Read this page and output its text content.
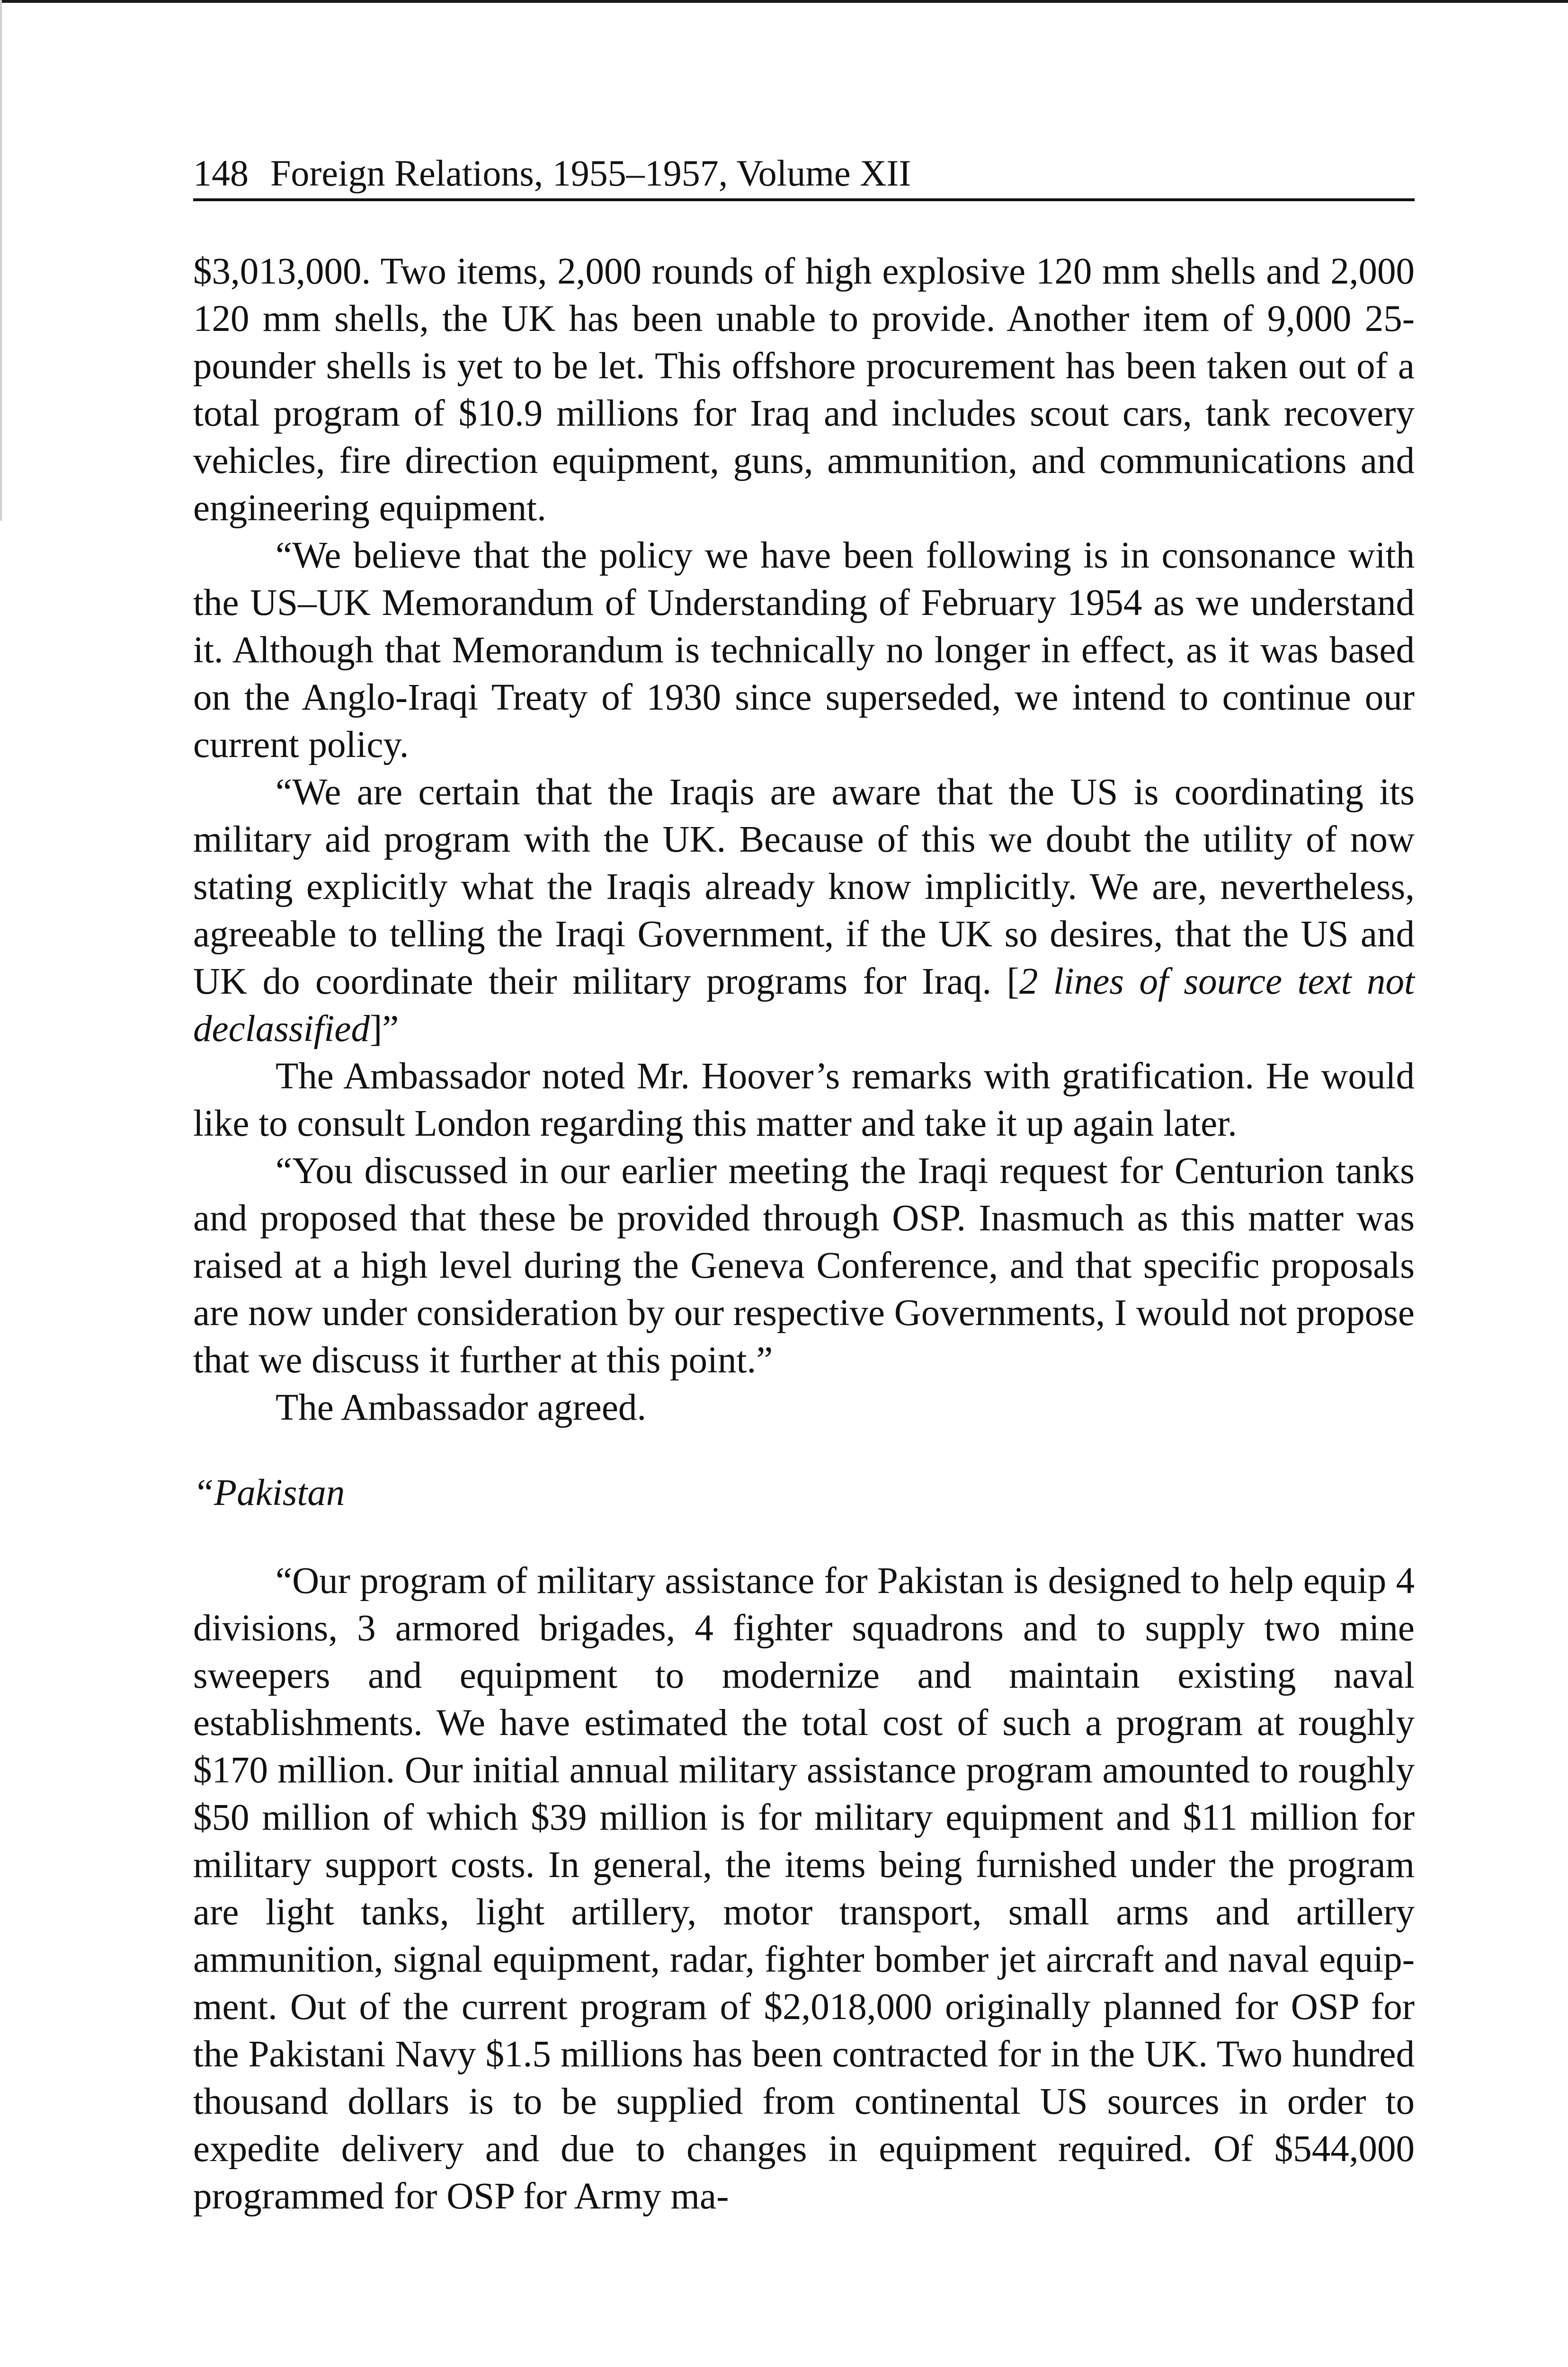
148 Foreign Relations, 1955–1957, Volume XII

$3,013,000. Two items, 2,000 rounds of high explosive 120 mm shells and 2,000 120 mm shells, the UK has been unable to provide. Another item of 9,000 25-pounder shells is yet to be let. This offshore procurement has been taken out of a total program of $10.9 millions for Iraq and includes scout cars, tank recovery vehicles, fire direction equipment, guns, ammunition, and communications and engineering equipment.

“We believe that the policy we have been following is in consonance with the US–UK Memorandum of Understanding of February 1954 as we understand it. Although that Memorandum is technically no longer in effect, as it was based on the Anglo-Iraqi Treaty of 1930 since superseded, we intend to continue our current policy.

“We are certain that the Iraqis are aware that the US is coordinating its military aid program with the UK. Because of this we doubt the utility of now stating explicitly what the Iraqis already know implicitly. We are, nevertheless, agreeable to telling the Iraqi Government, if the UK so desires, that the US and UK do coordinate their military programs for Iraq. [2 lines of source text not declassified]”

The Ambassador noted Mr. Hoover’s remarks with gratification. He would like to consult London regarding this matter and take it up again later.

“You discussed in our earlier meeting the Iraqi request for Centurion tanks and proposed that these be provided through OSP. Inasmuch as this matter was raised at a high level during the Geneva Conference, and that specific proposals are now under consideration by our respective Governments, I would not propose that we discuss it further at this point.”

The Ambassador agreed.

“Pakistan

“Our program of military assistance for Pakistan is designed to help equip 4 divisions, 3 armored brigades, 4 fighter squadrons and to supply two mine sweepers and equipment to modernize and maintain existing naval establishments. We have estimated the total cost of such a program at roughly $170 million. Our initial annual military assistance program amounted to roughly $50 million of which $39 million is for military equipment and $11 million for military support costs. In general, the items being furnished under the program are light tanks, light artillery, motor transport, small arms and artillery ammunition, signal equipment, radar, fighter bomber jet aircraft and naval equipment. Out of the current program of $2,018,000 originally planned for OSP for the Pakistani Navy $1.5 millions has been contracted for in the UK. Two hundred thousand dollars is to be supplied from continental US sources in order to expedite delivery and due to changes in equipment required. Of $544,000 programmed for OSP for Army ma-
